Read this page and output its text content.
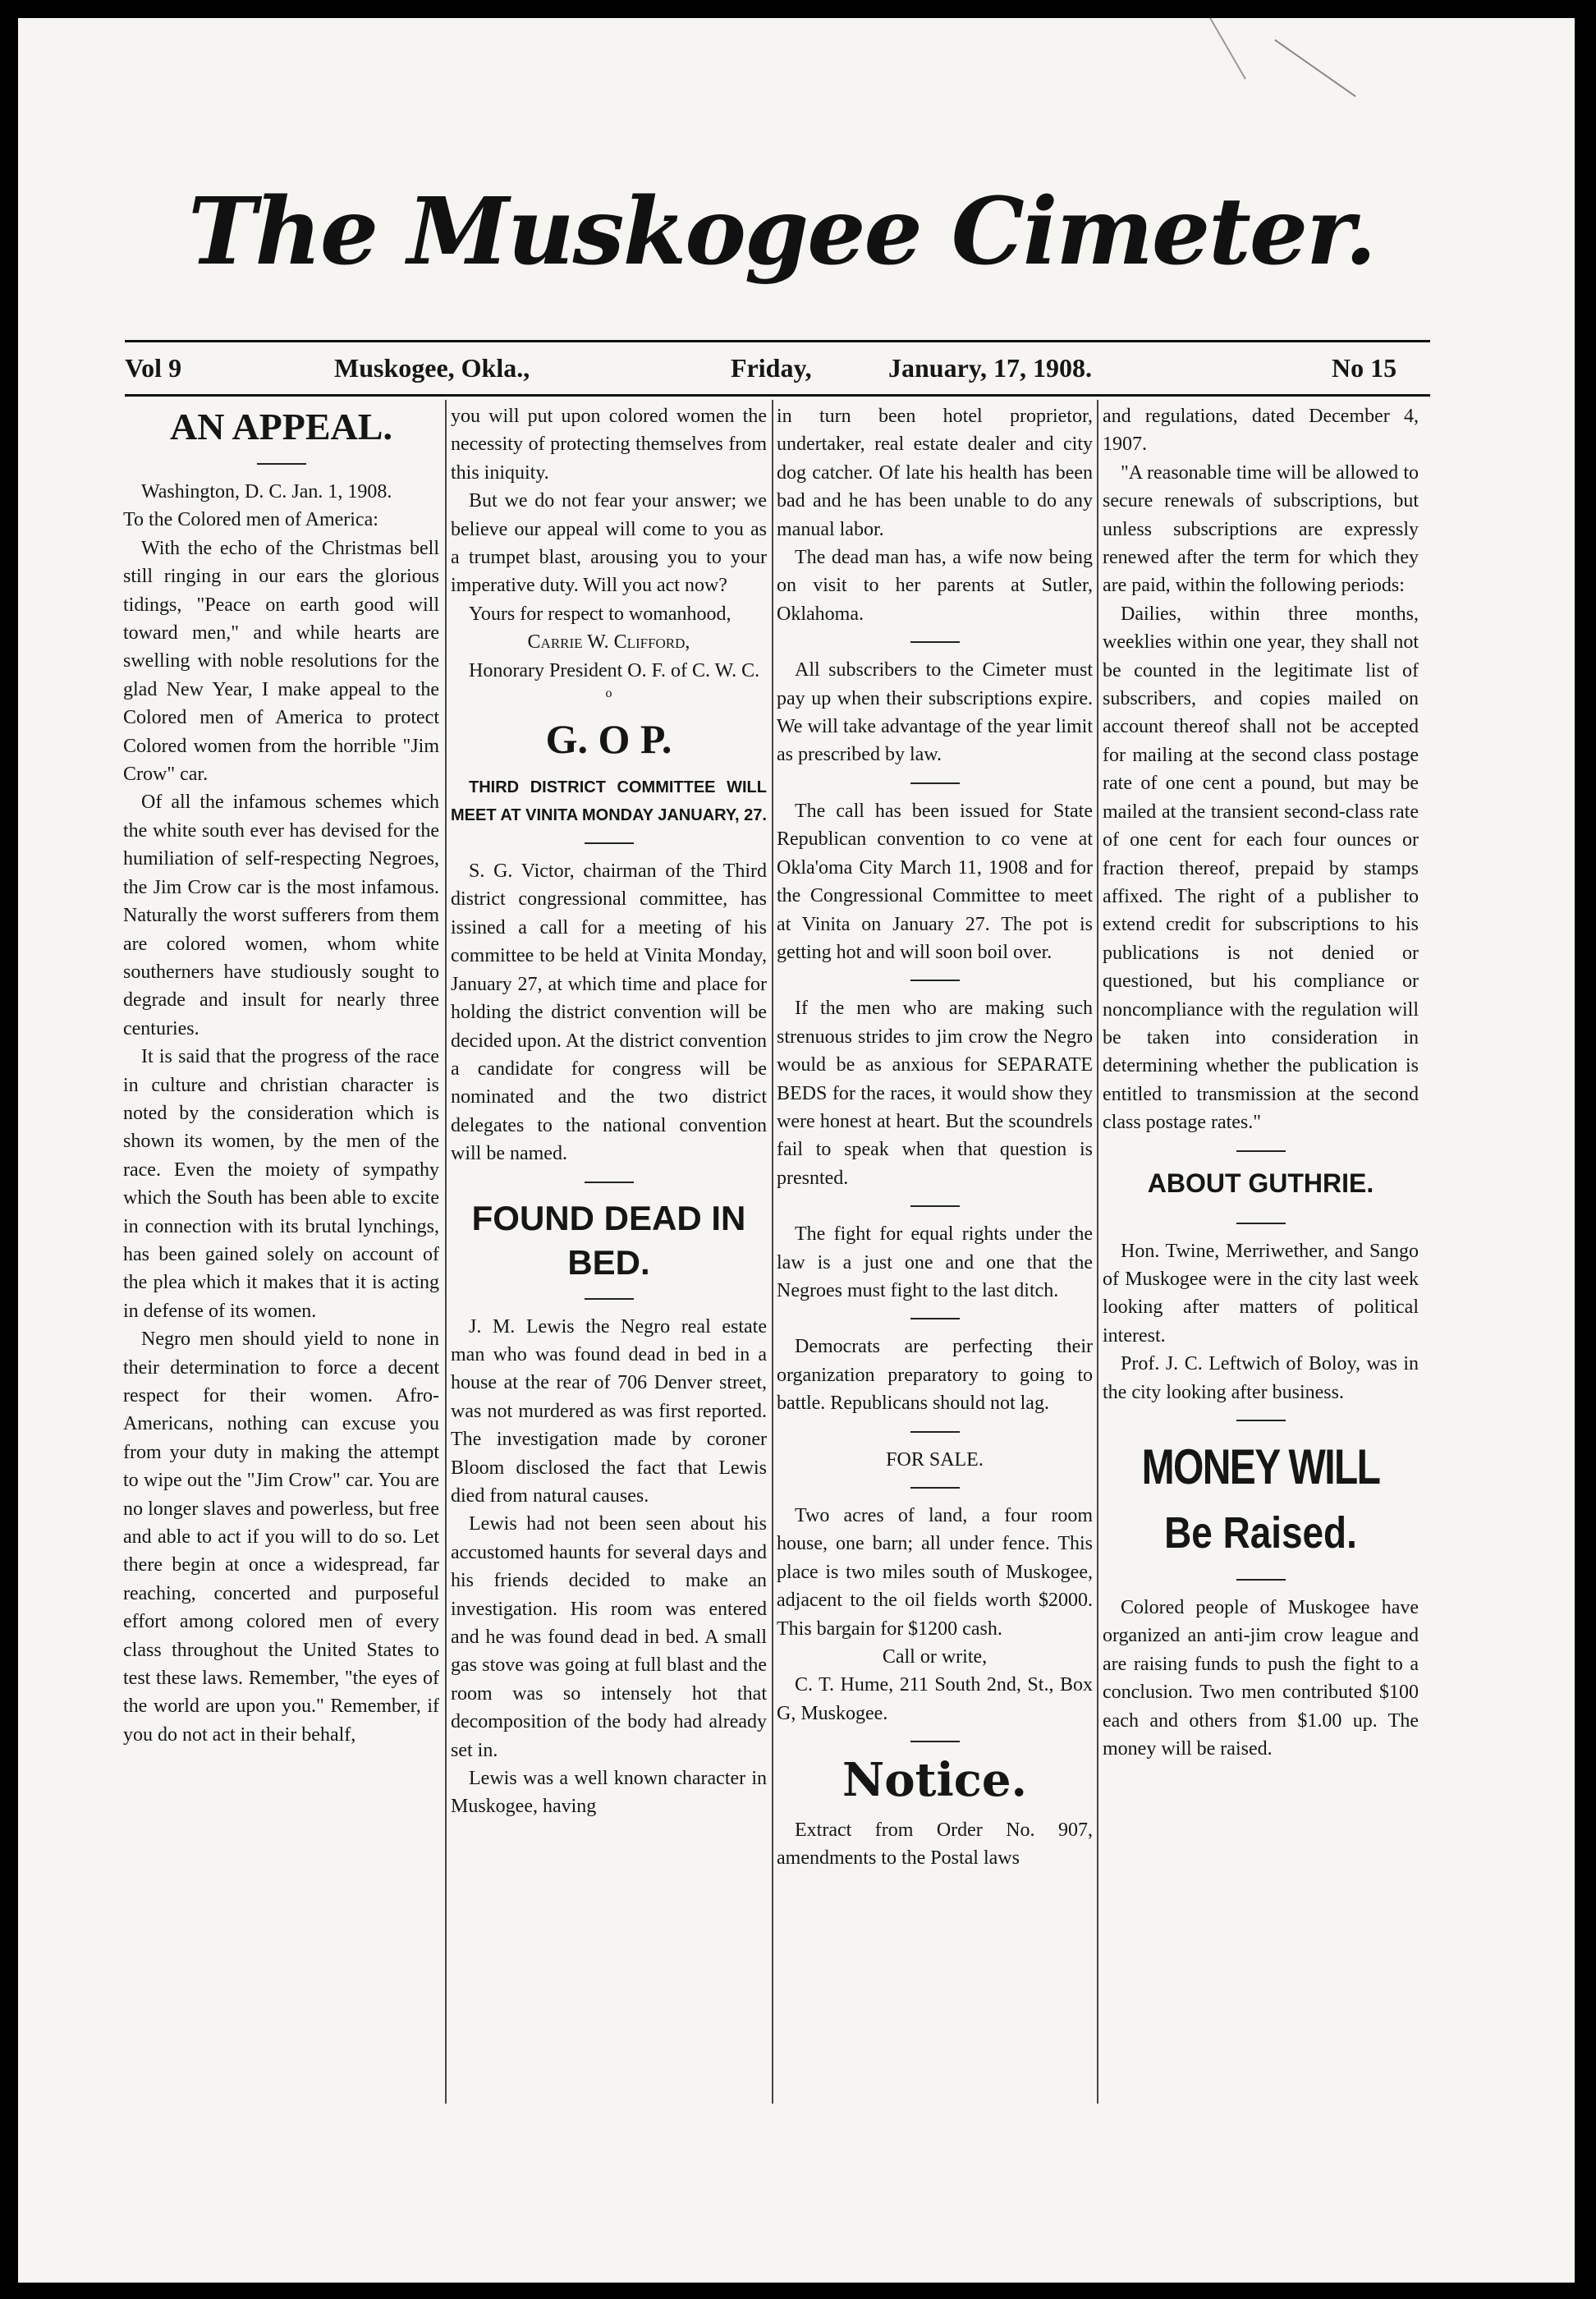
The Muskogee Cimeter.
Vol 9	Muskogee, Okla.,	Friday,	January, 17, 1908.	No 15
AN APPEAL.

Washington, D. C. Jan. 1, 1908.

To the Colored men of America:

With the echo of the Christmas bell still ringing in our ears the glorious tidings, "Peace on earth good will toward men," and while hearts are swelling with noble resolutions for the glad New Year, I make appeal to the Colored men of America to protect Colored women from the horrible "Jim Crow" car.

Of all the infamous schemes which the white south ever has devised for the humiliation of self-respecting Negroes, the Jim Crow car is the most infamous. Naturally the worst sufferers from them are colored women, whom white southerners have studiously sought to degrade and insult for nearly three centuries.

It is said that the progress of the race in culture and christian character is noted by the consideration which is shown its women, by the men of the race. Even the moiety of sympathy which the South has been able to excite in connection with its brutal lynchings, has been gained solely on account of the plea which it makes that it is acting in defense of its women.

Negro men should yield to none in their determination to force a decent respect for their women. Afro-Americans, nothing can excuse you from your duty in making the attempt to wipe out the "Jim Crow" car. You are no longer slaves and powerless, but free and able to act if you will to do so. Let there begin at once a widespread, far reaching, concerted and purposeful effort among colored men of every class throughout the United States to test these laws. Remember, "the eyes of the world are upon you." Remember, if you do not act in their behalf,

you will put upon colored women the necessity of protecting themselves from this iniquity.

But we do not fear your answer; we believe our appeal will come to you as a trumpet blast, arousing you to your imperative duty. Will you act now?

Yours for respect to womanhood,

Carrie W. Clifford,

Honorary President O. F. of C. W. C.

o

G. O P.

THIRD DISTRICT COMMITTEE WILL MEET AT VINITA MONDAY JANUARY, 27.

S. G. Victor, chairman of the Third district congressional committee, has issined a call for a meeting of his committee to be held at Vinita Monday, January 27, at which time and place for holding the district convention will be decided upon. At the district convention a candidate for congress will be nominated and the two district delegates to the national convention will be named.

FOUND DEAD IN BED.

J. M. Lewis the Negro real estate man who was found dead in bed in a house at the rear of 706 Denver street, was not murdered as was first reported. The investigation made by coroner Bloom disclosed the fact that Lewis died from natural causes.

Lewis had not been seen about his accustomed haunts for several days and his friends decided to make an investigation. His room was entered and he was found dead in bed. A small gas stove was going at full blast and the room was so intensely hot that decomposition of the body had already set in.

Lewis was a well known character in Muskogee, having

in turn been hotel proprietor, undertaker, real estate dealer and city dog catcher. Of late his health has been bad and he has been unable to do any manual labor.

The dead man has, a wife now being on visit to her parents at Sutler, Oklahoma.

All subscribers to the Cimeter must pay up when their subscriptions expire. We will take advantage of the year limit as prescribed by law.

The call has been issued for State Republican convention to co vene at Okla'oma City March 11, 1908 and for the Congressional Committee to meet at Vinita on January 27. The pot is getting hot and will soon boil over.

If the men who are making such strenuous strides to jim crow the Negro would be as anxious for SEPARATE BEDS for the races, it would show they were honest at heart. But the scoundrels fail to speak when that question is presnted.

The fight for equal rights under the law is a just one and one that the Negroes must fight to the last ditch.

Democrats are perfecting their organization preparatory to going to battle. Republicans should not lag.

FOR SALE.

Two acres of land, a four room house, one barn; all under fence. This place is two miles south of Muskogee, adjacent to the oil fields worth $2000. This bargain for $1200 cash.

Call or write,

C. T. Hume, 211 South 2nd, St., Box G, Muskogee.

Notice.

Extract from Order No. 907, amendments to the Postal laws

and regulations, dated December 4, 1907.

"A reasonable time will be allowed to secure renewals of subscriptions, but unless subscriptions are expressly renewed after the term for which they are paid, within the following periods:

Dailies, within three months, weeklies within one year, they shall not be counted in the legitimate list of subscribers, and copies mailed on account thereof shall not be accepted for mailing at the second class postage rate of one cent a pound, but may be mailed at the transient second-class rate of one cent for each four ounces or fraction thereof, prepaid by stamps affixed. The right of a publisher to extend credit for subscriptions to his publications is not denied or questioned, but his compliance or noncompliance with the regulation will be taken into consideration in determining whether the publication is entitled to transmission at the second class postage rates."

ABOUT GUTHRIE.

Hon. Twine, Merriwether, and Sango of Muskogee were in the city last week looking after matters of political interest.

Prof. J. C. Leftwich of Boloy, was in the city looking after business.

MONEY WILL
Be Raised.

Colored people of Muskogee have organized an anti-jim crow league and are raising funds to push the fight to a conclusion. Two men contributed $100 each and others from $1.00 up. The money will be raised.
